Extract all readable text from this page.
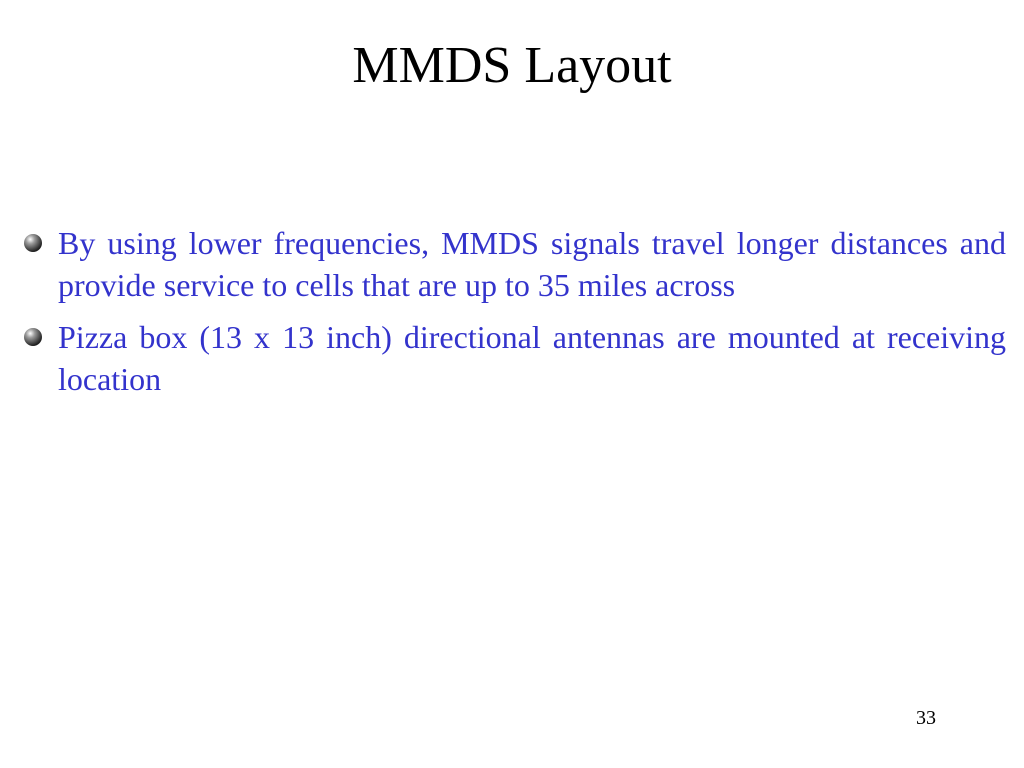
MMDS Layout
By using lower frequencies, MMDS signals travel longer distances and provide service to cells that are up to 35 miles across
Pizza box (13 x 13 inch) directional antennas are mounted at receiving location
33
